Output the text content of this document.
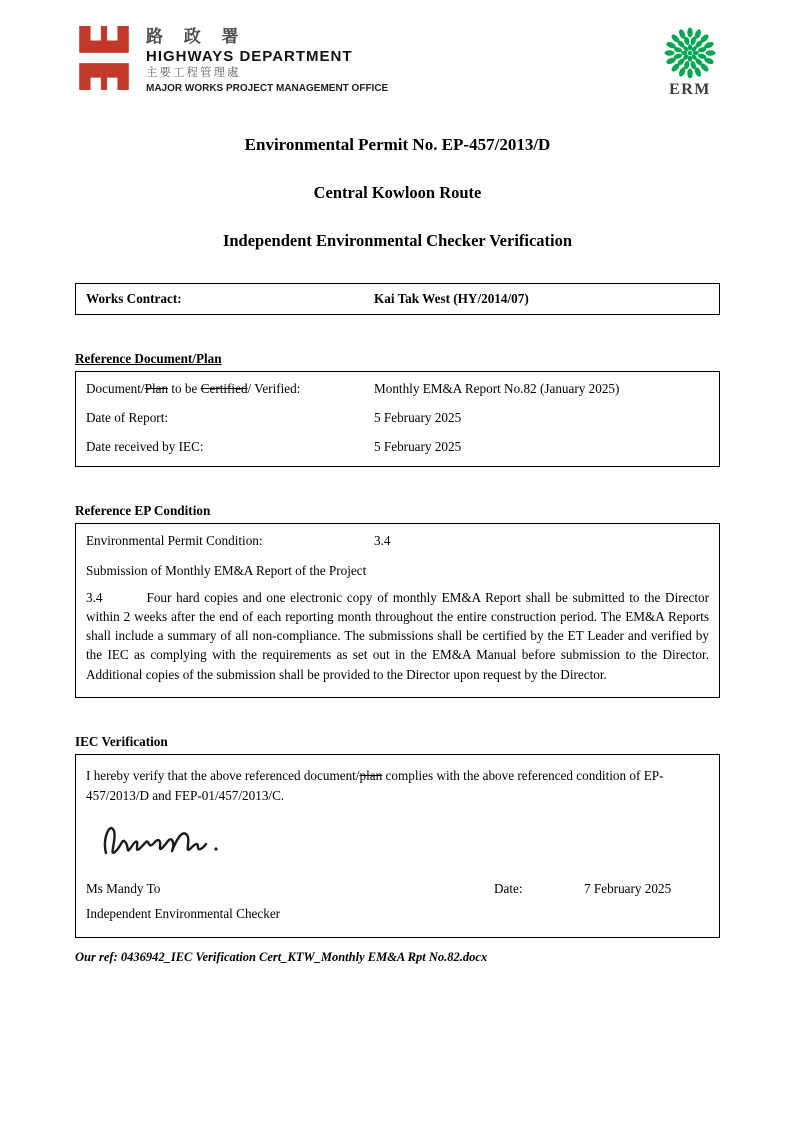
路 政 署
HIGHWAYS DEPARTMENT
主要工程管理處
MAJOR WORKS PROJECT MANAGEMENT OFFICE	ERM
Environmental Permit No. EP-457/2013/D
Central Kowloon Route
Independent Environmental Checker Verification
Works Contract:	Kai Tak West (HY/2014/07)
Reference Document/Plan
Document/Plan to be Certified/ Verified:	Monthly EM&A Report No.82 (January 2025)
Date of Report:	5 February 2025
Date received by IEC:	5 February 2025
Reference EP Condition
Environmental Permit Condition:	3.4

Submission of Monthly EM&A Report of the Project

3.4	Four hard copies and one electronic copy of monthly EM&A Report shall be submitted to the Director within 2 weeks after the end of each reporting month throughout the entire construction period. The EM&A Reports shall include a summary of all non-compliance. The submissions shall be certified by the ET Leader and verified by the IEC as complying with the requirements as set out in the EM&A Manual before submission to the Director. Additional copies of the submission shall be provided to the Director upon request by the Director.

IEC Verification

I hereby verify that the above referenced document/plan complies with the above referenced condition of EP-457/2013/D and FEP-01/457/2013/C.

Ms Mandy To	Date:	7 February 2025
Independent Environmental Checker
Our ref: 0436942_IEC Verification Cert_KTW_Monthly EM&A Rpt No.82.docx
